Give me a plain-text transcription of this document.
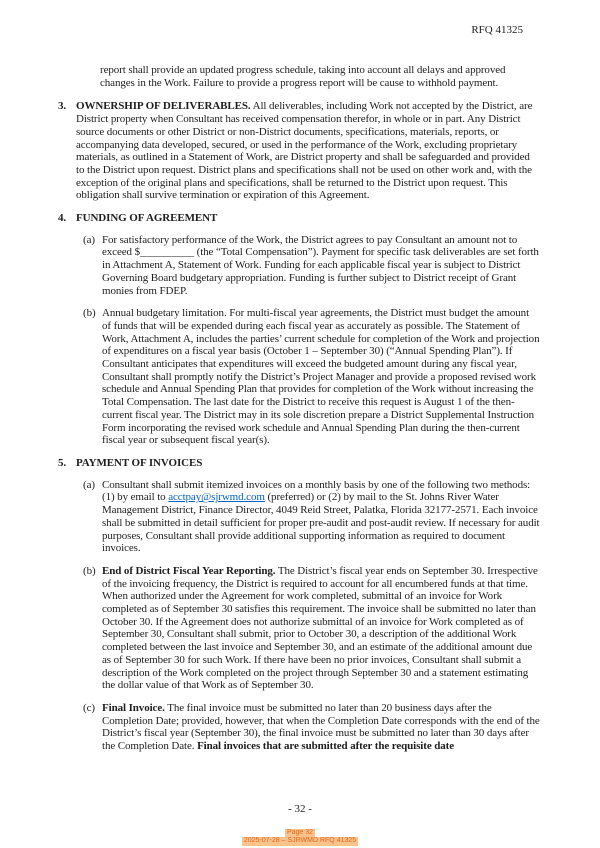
RFQ 41325

report shall provide an updated progress schedule, taking into account all delays and approved changes in the Work. Failure to provide a progress report will be cause to withhold payment.

3. OWNERSHIP OF DELIVERABLES. All deliverables, including Work not accepted by the District, are District property when Consultant has received compensation therefor, in whole or in part. Any District source documents or other District or non-District documents, specifications, materials, reports, or accompanying data developed, secured, or used in the performance of the Work, excluding proprietary materials, as outlined in a Statement of Work, are District property and shall be safeguarded and provided to the District upon request. District plans and specifications shall not be used on other work and, with the exception of the original plans and specifications, shall be returned to the District upon request. This obligation shall survive termination or expiration of this Agreement.

4. FUNDING OF AGREEMENT

(a) For satisfactory performance of the Work, the District agrees to pay Consultant an amount not to exceed $__________ (the “Total Compensation”). Payment for specific task deliverables are set forth in Attachment A, Statement of Work. Funding for each applicable fiscal year is subject to District Governing Board budgetary appropriation. Funding is further subject to District receipt of Grant monies from FDEP.

(b) Annual budgetary limitation. For multi-fiscal year agreements, the District must budget the amount of funds that will be expended during each fiscal year as accurately as possible. The Statement of Work, Attachment A, includes the parties’ current schedule for completion of the Work and projection of expenditures on a fiscal year basis (October 1 – September 30) (“Annual Spending Plan”). If Consultant anticipates that expenditures will exceed the budgeted amount during any fiscal year, Consultant shall promptly notify the District’s Project Manager and provide a proposed revised work schedule and Annual Spending Plan that provides for completion of the Work without increasing the Total Compensation. The last date for the District to receive this request is August 1 of the then-current fiscal year. The District may in its sole discretion prepare a District Supplemental Instruction Form incorporating the revised work schedule and Annual Spending Plan during the then-current fiscal year or subsequent fiscal year(s).

5. PAYMENT OF INVOICES

(a) Consultant shall submit itemized invoices on a monthly basis by one of the following two methods: (1) by email to acctpay@sjrwmd.com (preferred) or (2) by mail to the St. Johns River Water Management District, Finance Director, 4049 Reid Street, Palatka, Florida 32177-2571. Each invoice shall be submitted in detail sufficient for proper pre-audit and post-audit review. If necessary for audit purposes, Consultant shall provide additional supporting information as required to document invoices.

(b) End of District Fiscal Year Reporting. The District’s fiscal year ends on September 30. Irrespective of the invoicing frequency, the District is required to account for all encumbered funds at that time. When authorized under the Agreement for work completed, submittal of an invoice for Work completed as of September 30 satisfies this requirement. The invoice shall be submitted no later than October 30. If the Agreement does not authorize submittal of an invoice for Work completed as of September 30, Consultant shall submit, prior to October 30, a description of the additional Work completed between the last invoice and September 30, and an estimate of the additional amount due as of September 30 for such Work. If there have been no prior invoices, Consultant shall submit a description of the Work completed on the project through September 30 and a statement estimating the dollar value of that Work as of September 30.

(c) Final Invoice. The final invoice must be submitted no later than 20 business days after the Completion Date; provided, however, that when the Completion Date corresponds with the end of the District’s fiscal year (September 30), the final invoice must be submitted no later than 30 days after the Completion Date. Final invoices that are submitted after the requisite date

- 32 -
Page 32
2025-07-28 – SJRWMD RFQ 41325
